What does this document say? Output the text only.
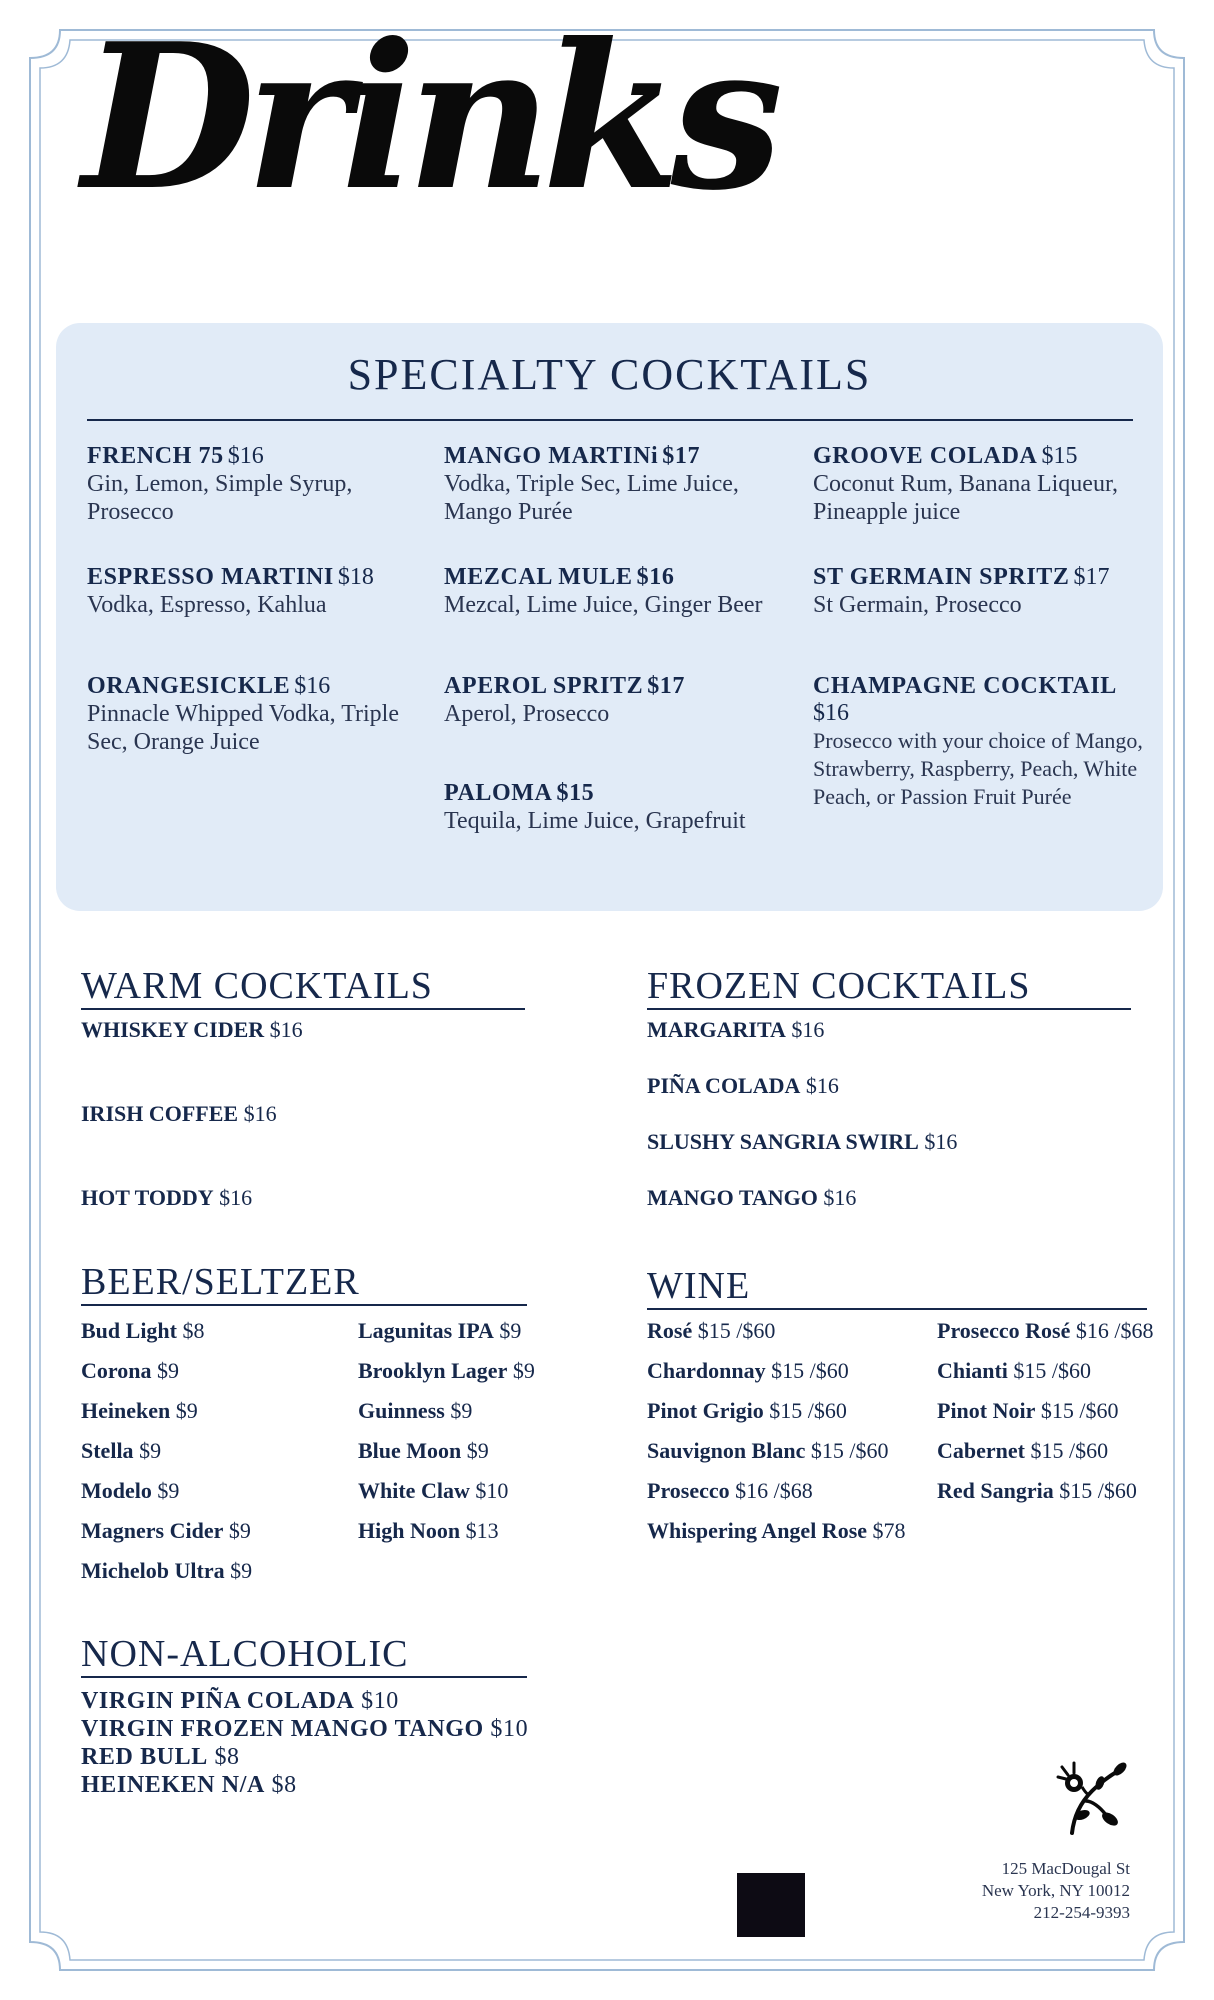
Drinks
SPECIALTY COCKTAILS
FRENCH 75 $16
Gin, Lemon, Simple Syrup, Prosecco
ESPRESSO MARTINI $18
Vodka, Espresso, Kahlua
ORANGESICKLE $16
Pinnacle Whipped Vodka, Triple Sec, Orange Juice
MANGO MARTINi $17
Vodka, Triple Sec, Lime Juice, Mango Purée
MEZCAL MULE $16
Mezcal, Lime Juice, Ginger Beer
APEROL SPRITZ $17
Aperol, Prosecco
PALOMA $15
Tequila, Lime Juice, Grapefruit
GROOVE COLADA $15
Coconut Rum, Banana Liqueur, Pineapple juice
ST GERMAIN SPRITZ $17
St Germain, Prosecco
CHAMPAGNE COCKTAIL $16
Prosecco with your choice of Mango, Strawberry, Raspberry, Peach, White Peach, or Passion Fruit Purée
WARM COCKTAILS
WHISKEY CIDER $16
IRISH COFFEE $16
HOT TODDY $16
FROZEN COCKTAILS
MARGARITA $16
PIÑA COLADA $16
SLUSHY SANGRIA SWIRL $16
MANGO TANGO $16
BEER/SELTZER
Bud Light $8
Corona $9
Heineken $9
Stella $9
Modelo $9
Magners Cider $9
Michelob Ultra $9
Lagunitas IPA $9
Brooklyn Lager $9
Guinness $9
Blue Moon $9
White Claw $10
High Noon $13
WINE
Rosé $15 /$60
Chardonnay $15 /$60
Pinot Grigio $15 /$60
Sauvignon Blanc $15 /$60
Prosecco $16 /$68
Whispering Angel Rose $78
Prosecco Rosé $16 /$68
Chianti $15 /$60
Pinot Noir $15 /$60
Cabernet $15 /$60
Red Sangria $15 /$60
NON-ALCOHOLIC
VIRGIN PIÑA COLADA $10
VIRGIN FROZEN MANGO TANGO $10
RED BULL $8
HEINEKEN N/A $8
125 MacDougal St
New York, NY 10012
212-254-9393
